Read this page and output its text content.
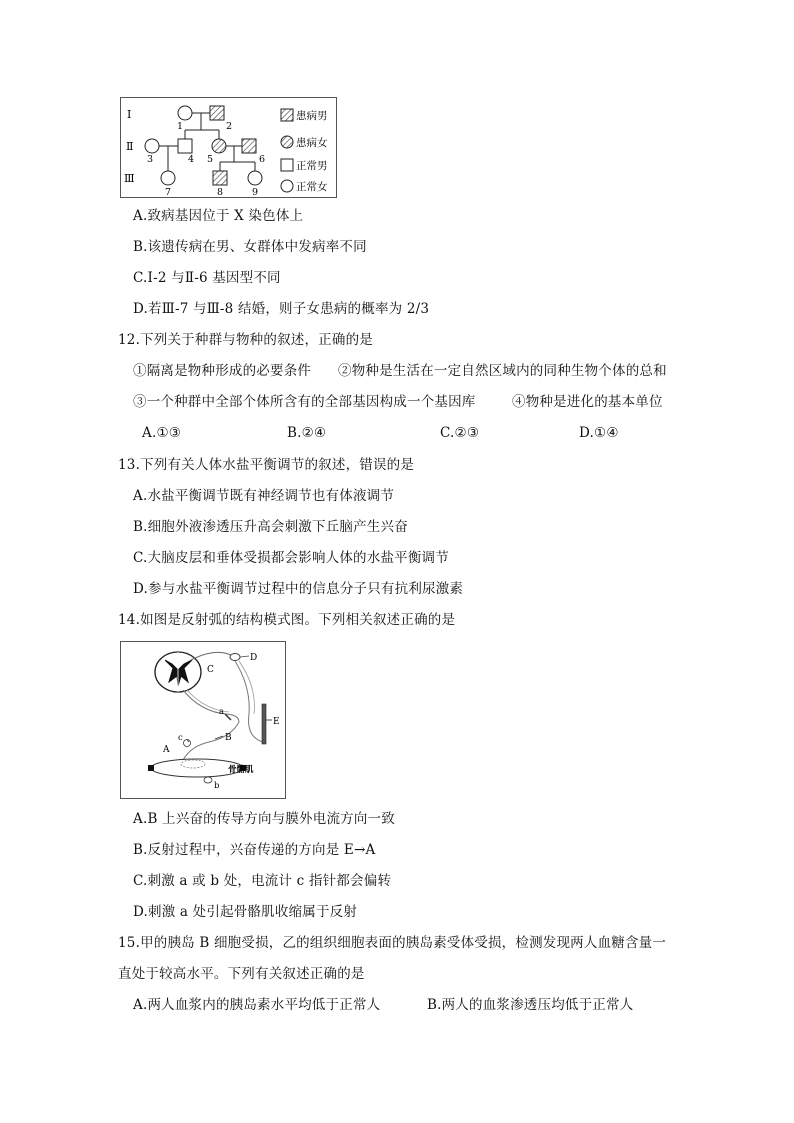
Ⅰ
Ⅱ
Ⅲ
1	2
3	4 5	6
7	8	9
患病男
患病女
正常男
正常女
A.致病基因位于 X 染色体上
B.该遗传病在男、女群体中发病率不同
C.Ⅰ-2 与Ⅱ-6 基因型不同
D.若Ⅲ-7 与Ⅲ-8 结婚，则子女患病的概率为 2/3
12.下列关于种群与物种的叙述，正确的是
①隔离是物种形成的必要条件 ②物种是生活在一定自然区域内的同种生物个体的总和
③一个种群中全部个体所含有的全部基因构成一个基因库	④物种是进化的基本单位
A.①③	B.②④	C.②③	D.①④
13.下列有关人体水盐平衡调节的叙述，错误的是
A.水盐平衡调节既有神经调节也有体液调节
B.细胞外液渗透压升高会刺激下丘脑产生兴奋
C.大脑皮层和垂体受损都会影响人体的水盐平衡调节
D.参与水盐平衡调节过程中的信息分子只有抗利尿激素
14.如图是反射弧的结构模式图。下列相关叙述正确的是
D
C
E
a
B
c
A
骨骼肌
b
A.B 上兴奋的传导方向与膜外电流方向一致
B.反射过程中，兴奋传递的方向是 E→A
C.刺激 a 或 b 处，电流计 c 指针都会偏转
D.刺激 a 处引起骨骼肌收缩属于反射
15.甲的胰岛 B 细胞受损，乙的组织细胞表面的胰岛素受体受损，检测发现两人血糖含量一
直处于较高水平。下列有关叙述正确的是
A.两人血浆内的胰岛素水平均低于正常人	B.两人的血浆渗透压均低于正常人
